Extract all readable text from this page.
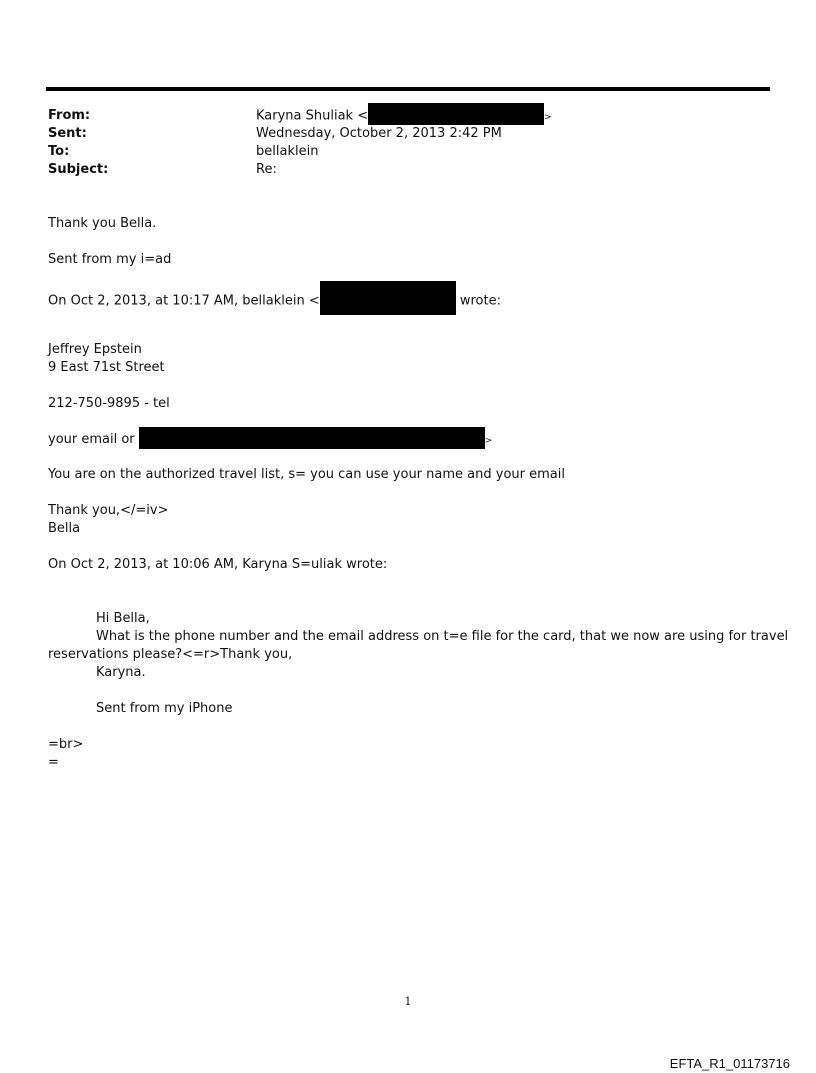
From:	Karyna Shuliak <	>
Sent:	Wednesday, October 2, 2013 2:42 PM
To:	bellaklein
Subject:	Re:
Thank you Bella.
Sent from my i=ad
On Oct 2, 2013, at 10:17 AM, bellaklein <	wrote:
Jeffrey Epstein
9 East 71st Street
212-750-9895 - tel
your email or	>
You are on the authorized travel list, s= you can use your name and your email
Thank you,</=iv>
Bella
On Oct 2, 2013, at 10:06 AM, Karyna S=uliak wrote:
Hi Bella,
What is the phone number and the email address on t=e file for the card, that we now are using for travel
reservations please?<=r>Thank you,
Karyna.
Sent from my iPhone
=br>
=
1
EFTA_R1_01173716
